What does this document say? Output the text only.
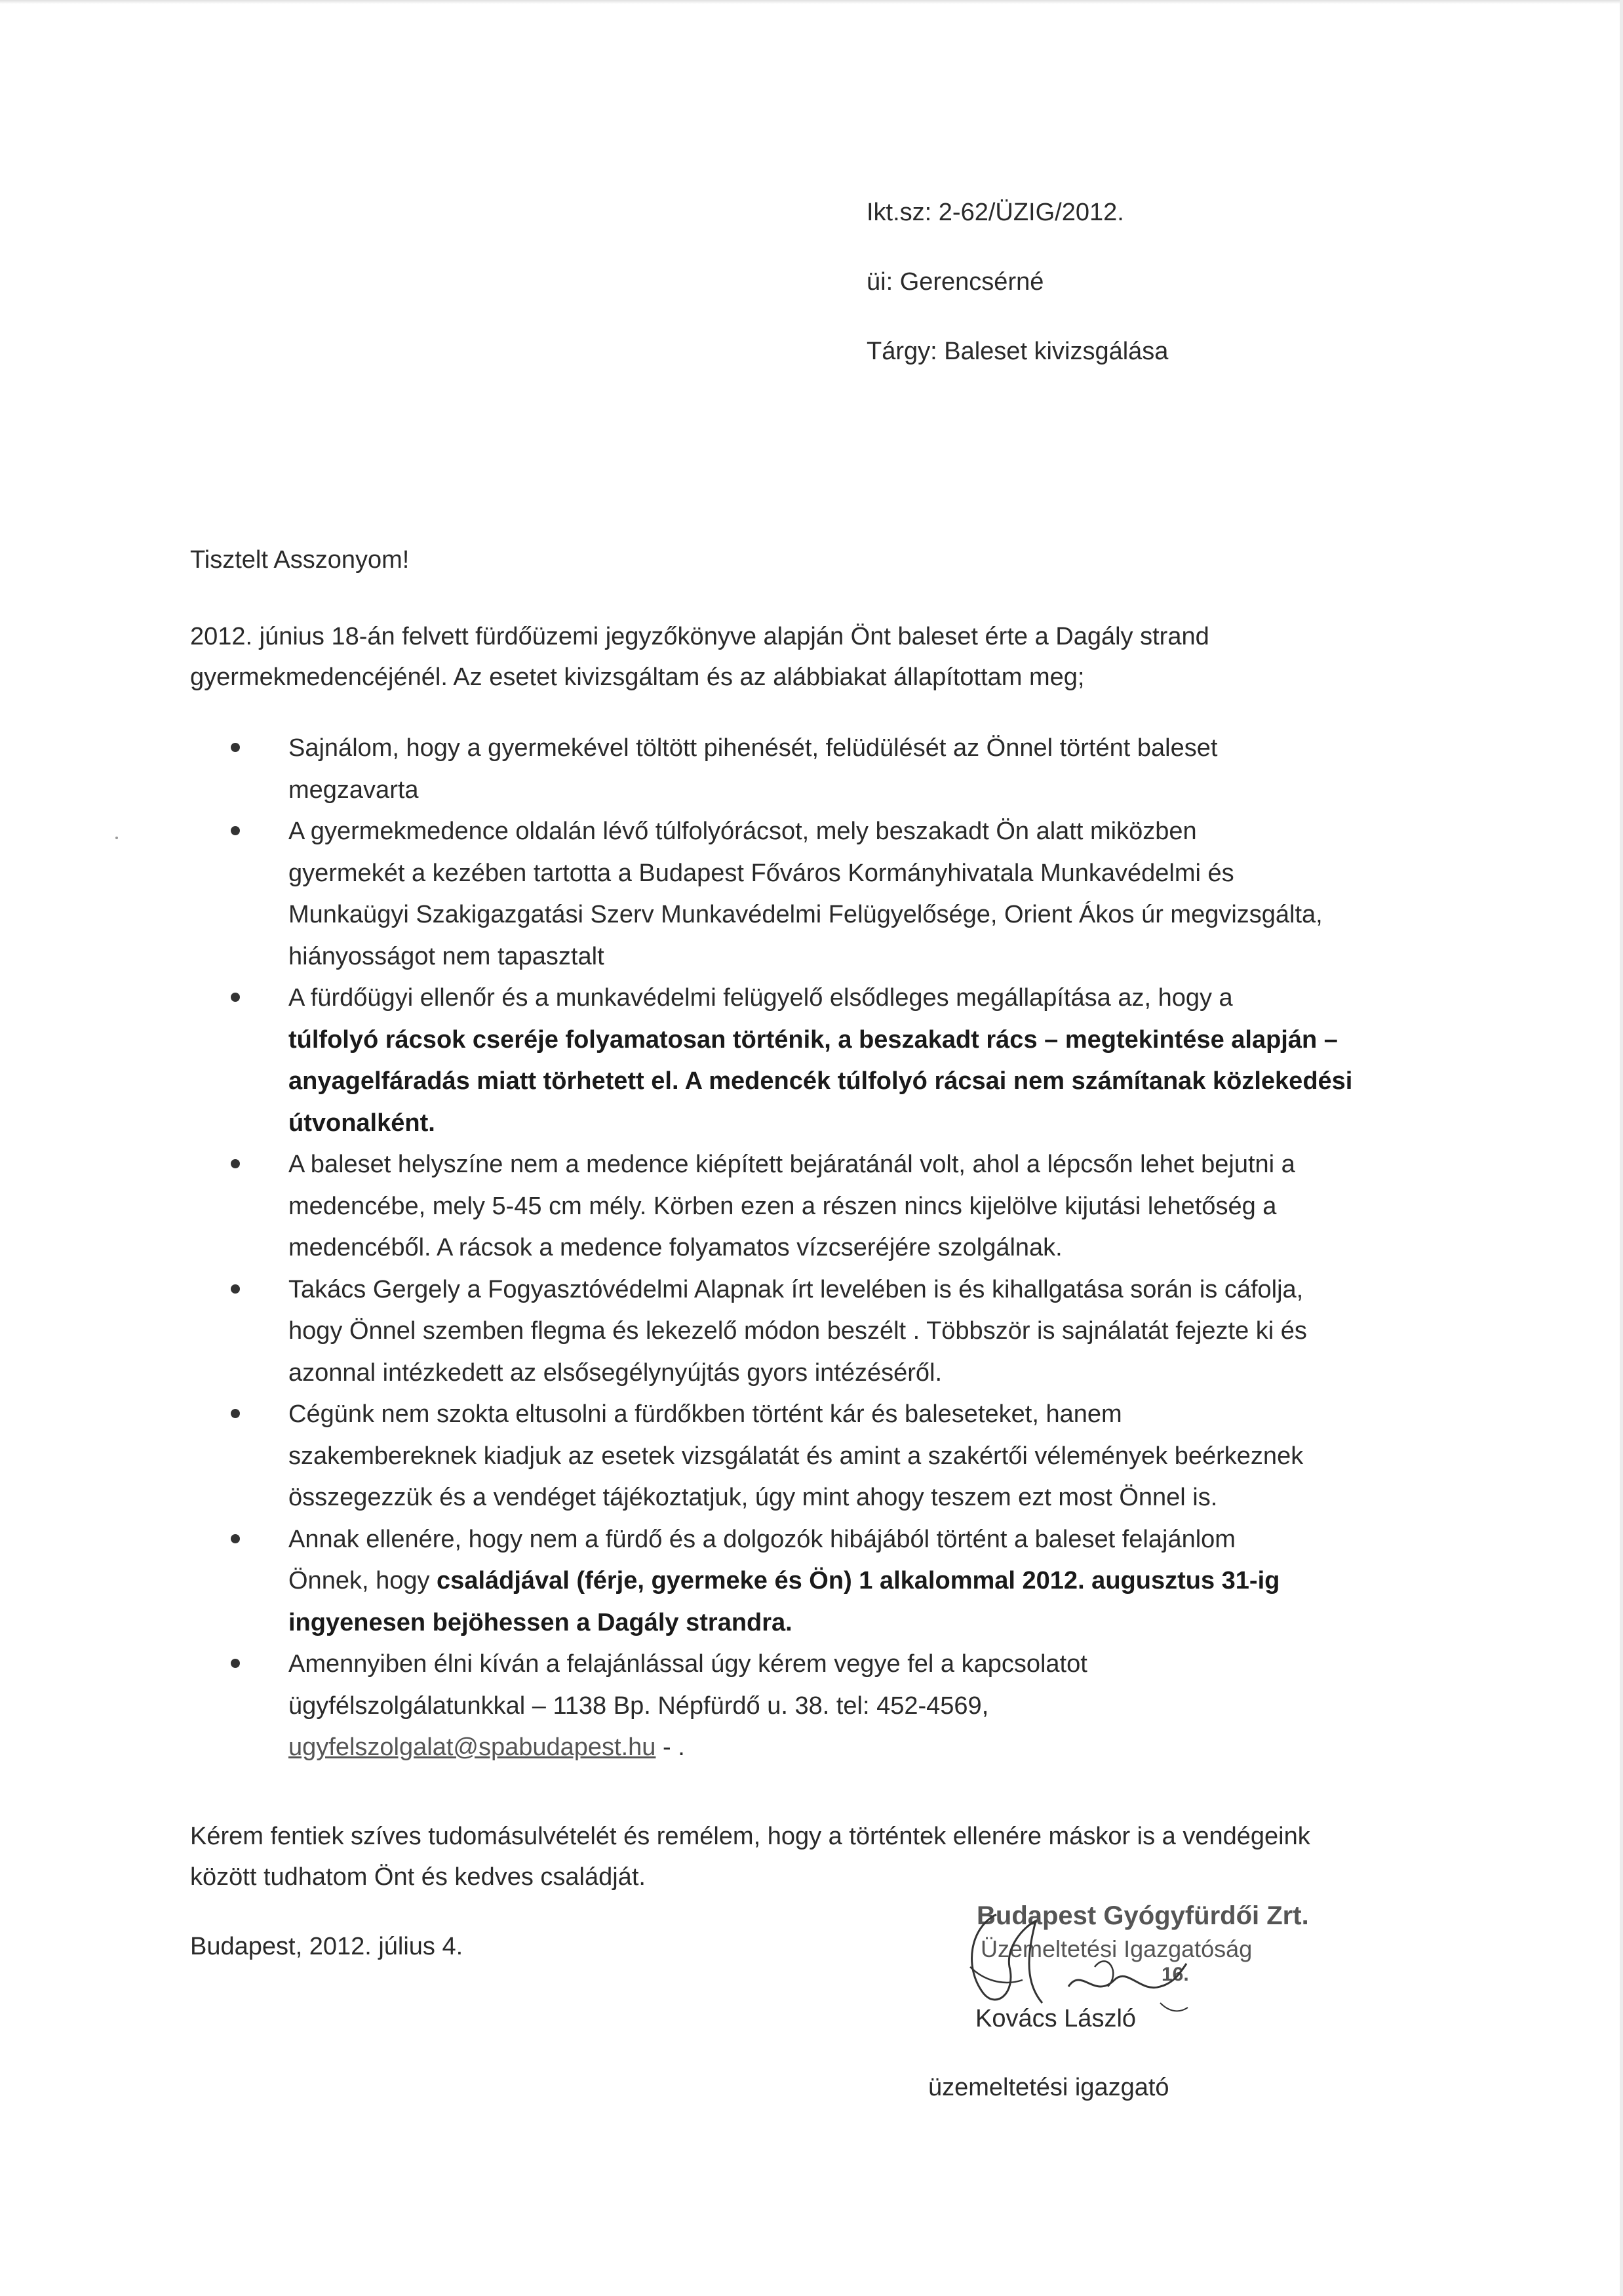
Ikt.sz: 2-62/ÜZIG/2012.
üi: Gerencsérné
Tárgy: Baleset kivizsgálása
Tisztelt Asszonyom!

2012. június 18-án felvett fürdőüzemi jegyzőkönyve alapján Önt baleset érte a Dagály strand

gyermekmedencéjénél. Az esetet kivizsgáltam és az alábbiakat állapítottam meg;

Sajnálom, hogy a gyermekével töltött pihenését, felüdülését az Önnel történt baleset
megzavarta
A gyermekmedence oldalán lévő túlfolyórácsot, mely beszakadt Ön alatt miközben
gyermekét a kezében tartotta a Budapest Főváros Kormányhivatala Munkavédelmi és
Munkaügyi Szakigazgatási Szerv Munkavédelmi Felügyelősége, Orient Ákos úr megvizsgálta,
hiányosságot nem tapasztalt
A fürdőügyi ellenőr és a munkavédelmi felügyelő elsődleges megállapítása az, hogy a
túlfolyó rácsok cseréje folyamatosan történik, a beszakadt rács – megtekintése alapján –
anyagelfáradás miatt törhetett el. A medencék túlfolyó rácsai nem számítanak közlekedési
útvonalként.
A baleset helyszíne nem a medence kiépített bejáratánál volt, ahol a lépcsőn lehet bejutni a
medencébe, mely 5-45 cm mély. Körben ezen a részen nincs kijelölve kijutási lehetőség a
medencéből. A rácsok a medence folyamatos vízcseréjére szolgálnak.
Takács Gergely a Fogyasztóvédelmi Alapnak írt levelében is és kihallgatása során is cáfolja,
hogy Önnel szemben flegma és lekezelő módon beszélt . Többször is sajnálatát fejezte ki és
azonnal intézkedett az elsősegélynyújtás gyors intézéséről.
Cégünk nem szokta eltusolni a fürdőkben történt kár és baleseteket, hanem
szakembereknek kiadjuk az esetek vizsgálatát és amint a szakértői vélemények beérkeznek
összegezzük és a vendéget tájékoztatjuk, úgy mint ahogy teszem ezt most Önnel is.
Annak ellenére, hogy nem a fürdő és a dolgozók hibájából történt a baleset felajánlom
Önnek, hogy családjával (férje, gyermeke és Ön) 1 alkalommal 2012. augusztus 31-ig
ingyenesen bejöhessen a Dagály strandra.
Amennyiben élni kíván a felajánlással úgy kérem vegye fel a kapcsolatot
ügyfélszolgálatunkkal – 1138 Bp. Népfürdő u. 38. tel: 452-4569,
ugyfelszolgalat@spabudapest.hu - .

Kérem fentiek szíves tudomásulvételét és remélem, hogy a történtek ellenére máskor is a vendégeink

között tudhatom Önt és kedves családját.

Budapest, 2012. július 4.
Budapest Gyógyfürdői Zrt.
Üzemeltetési Igazgatóság
16.
Kovács László
üzemeltetési igazgató
